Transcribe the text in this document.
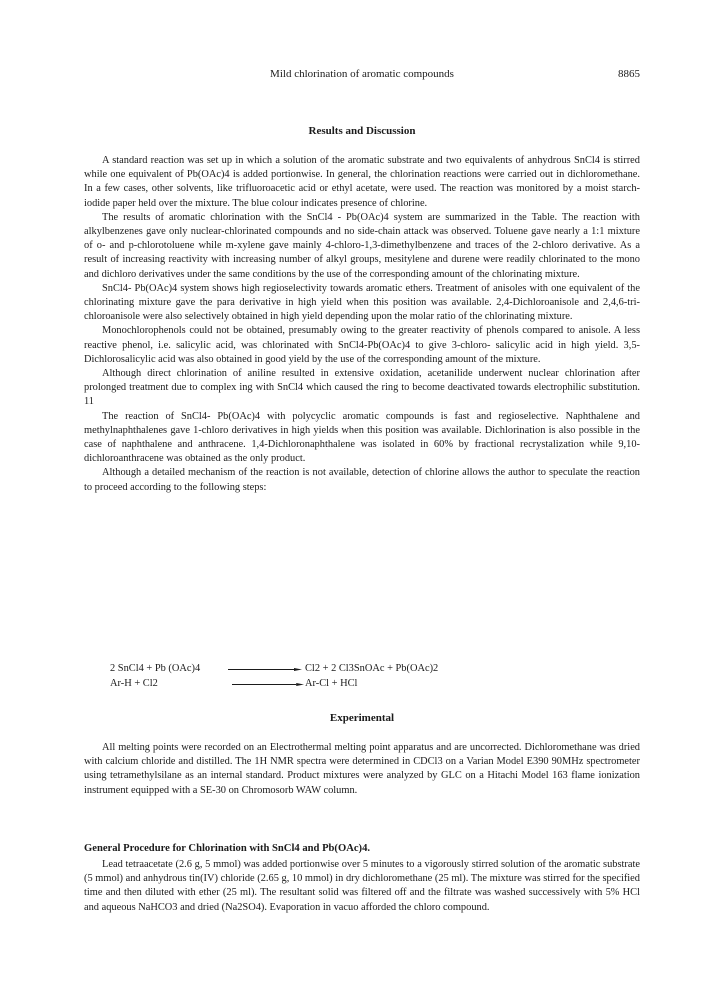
Mild chlorination of aromatic compounds	8865
Results and Discussion

A standard reaction was set up in which a solution of the aromatic substrate and two equivalents of anhydrous SnCl4 is stirred while one equivalent of Pb(OAc)4 is added portionwise. In general, the chlorination reactions were carried out in dichloromethane. In a few cases, other solvents, like trifluoroacetic acid or ethyl acetate, were used. The reaction was monitored by a moist starch-iodide paper held over the mixture. The blue colour indicates presence of chlorine.

The results of aromatic chlorination with the SnCl4 - Pb(OAc)4 system are summarized in the Table. The reaction with alkylbenzenes gave only nuclear-chlorinated compounds and no side-chain attack was observed. Toluene gave nearly a 1:1 mixture of o- and p-chlorotoluene while m-xylene gave mainly 4-chloro-1,3-dimethylbenzene and traces of the 2-chloro derivative. As a result of increasing reactivity with increasing number of alkyl groups, mesitylene and durene were readily chlorinated to the mono and dichloro derivatives under the same conditions by the use of the corresponding amount of the chlorinating mixture.

SnCl4- Pb(OAc)4 system shows high regioselectivity towards aromatic ethers. Treatment of anisoles with one equivalent of the chlorinating mixture gave the para derivative in high yield when this position was available. 2,4-Dichloroanisole and 2,4,6-tri- chloroanisole were also selectively obtained in high yield depending upon the molar ratio of the chlorinating mixture.

Monochlorophenols could not be obtained, presumably owing to the greater reactivity of phenols compared to anisole. A less reactive phenol, i.e. salicylic acid, was chlorinated with SnCl4-Pb(OAc)4 to give 3-chloro- salicylic acid in high yield. 3,5-Dichlorosalicylic acid was also obtained in good yield by the use of the corresponding amount of the mixture.

Although direct chlorination of aniline resulted in extensive oxidation, acetanilide underwent nuclear chlorination after prolonged treatment due to complex ing with SnCl4 which caused the ring to become deactivated towards electrophilic substitution. 11

The reaction of SnCl4- Pb(OAc)4 with polycyclic aromatic compounds is fast and regioselective. Naphthalene and methylnaphthalenes gave 1-chloro derivatives in high yields when this position was available. Dichlorination is also possible in the case of naphthalene and anthracene. 1,4-Dichloronaphthalene was isolated in 60% by fractional recrystalization while 9,10-dichloroanthracene was obtained as the only product.

Although a detailed mechanism of the reaction is not available, detection of chlorine allows the author to speculate the reaction to proceed according to the following steps:

2 SnCl4 + Pb (OAc)4	Cl2 + 2 Cl3SnOAc + Pb(OAc)2
Ar-H + Cl2	Ar-Cl + HCl
Experimental

All melting points were recorded on an Electrothermal melting point apparatus and are uncorrected. Dichloromethane was dried with calcium chloride and distilled. The 1H NMR spectra were determined in CDCl3 on a Varian Model E390 90MHz spectrometer using tetramethylsilane as an internal standard. Product mixtures were analyzed by GLC on a Hitachi Model 163 flame ionization instrument equipped with a SE-30 on Chromosorb WAW column.

General Procedure for Chlorination with SnCl4 and Pb(OAc)4.

Lead tetraacetate (2.6 g, 5 mmol) was added portionwise over 5 minutes to a vigorously stirred solution of the aromatic substrate (5 mmol) and anhydrous tin(IV) chloride (2.65 g, 10 mmol) in dry dichloromethane (25 ml). The mixture was stirred for the specified time and then diluted with ether (25 ml). The resultant solid was filtered off and the filtrate was washed successively with 5% HCl and aqueous NaHCO3 and dried (Na2SO4). Evaporation in vacuo afforded the chloro compound.
